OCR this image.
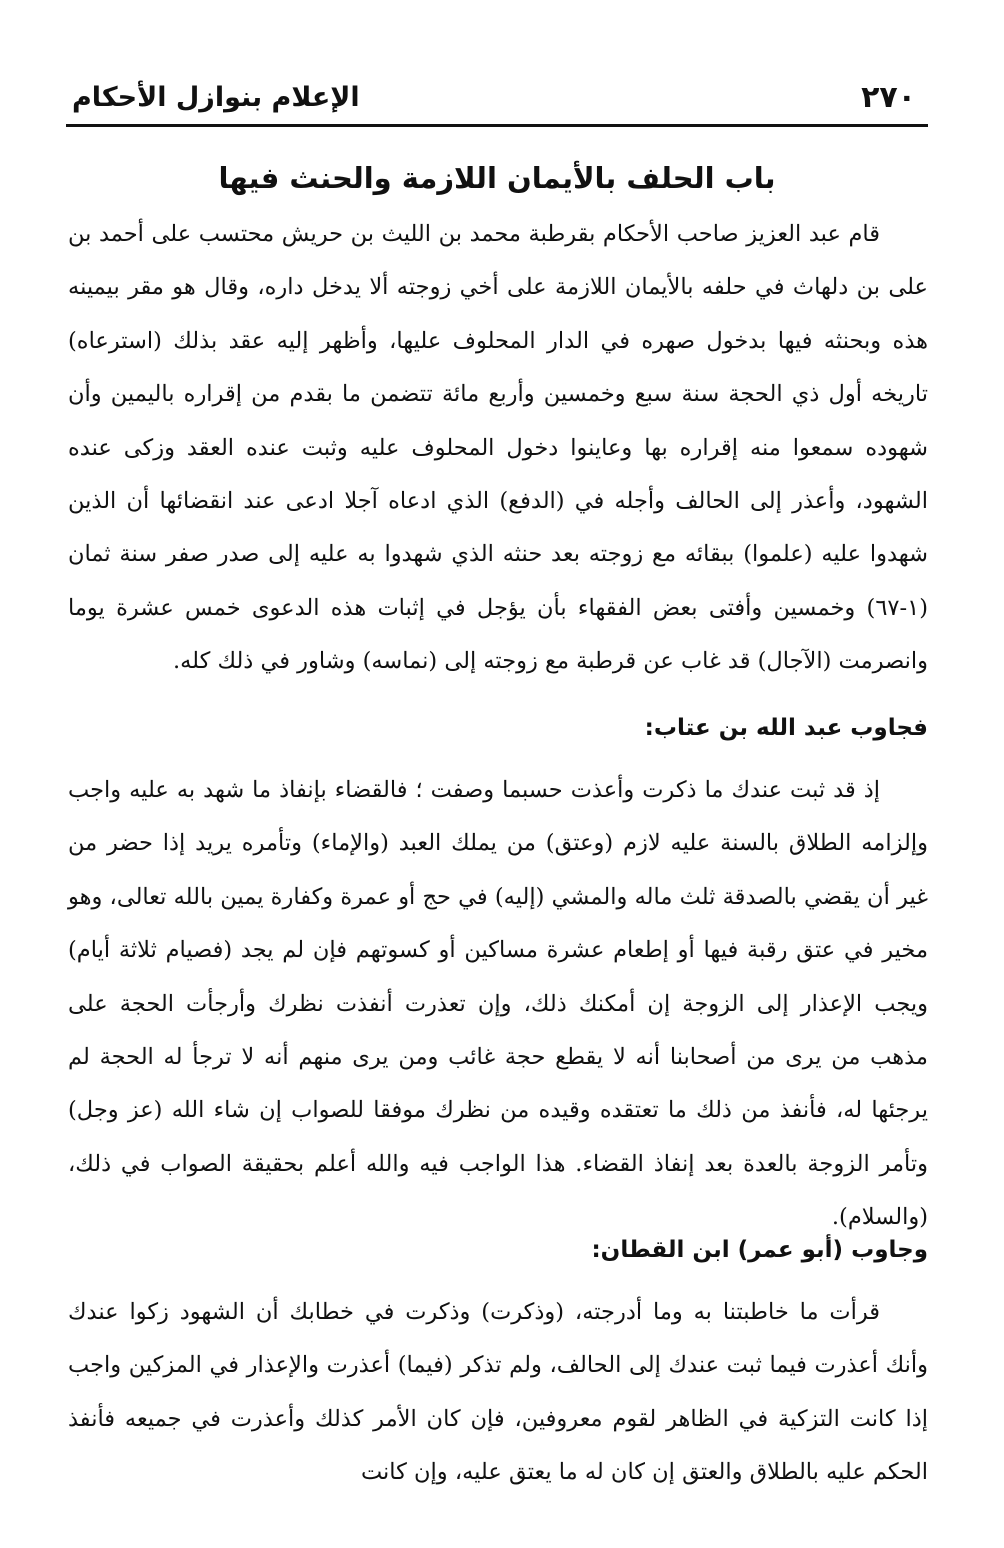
٢٧٠
الإعلام بنوازل الأحكام
باب الحلف بالأيمان اللازمة والحنث فيها

قام عبد العزيز صاحب الأحكام بقرطبة محمد بن الليث بن حريش محتسب على أحمد بن على بن دلهاث في حلفه بالأيمان اللازمة على أخي زوجته ألا يدخل داره، وقال هو مقر بيمينه هذه وبحنثه فيها بدخول صهره في الدار المحلوف عليها، وأظهر إليه عقد بذلك (استرعاه) تاريخه أول ذي الحجة سنة سبع وخمسين وأربع مائة تتضمن ما بقدم من إقراره باليمين وأن شهوده سمعوا منه إقراره بها وعاينوا دخول المحلوف عليه وثبت عنده العقد وزكى عنده الشهود، وأعذر إلى الحالف وأجله في (الدفع) الذي ادعاه آجلا ادعى عند انقضائها أن الذين شهدوا عليه (علموا) ببقائه مع زوجته بعد حنثه الذي شهدوا به عليه إلى صدر صفر سنة ثمان (١-٦٧) وخمسين وأفتى بعض الفقهاء بأن يؤجل في إثبات هذه الدعوى خمس عشرة يوما وانصرمت (الآجال) قد غاب عن قرطبة مع زوجته إلى (نماسه) وشاور في ذلك كله.

فجاوب عبد الله بن عتاب:

إذ قد ثبت عندك ما ذكرت وأعذت حسبما وصفت ؛ فالقضاء بإنفاذ ما شهد به عليه واجب وإلزامه الطلاق بالسنة عليه لازم (وعتق) من يملك العبد (والإماء) وتأمره يريد إذا حضر من غير أن يقضي بالصدقة ثلث ماله والمشي (إليه) في حج أو عمرة وكفارة يمين بالله تعالى، وهو مخير في عتق رقبة فيها أو إطعام عشرة مساكين أو كسوتهم فإن لم يجد (فصيام ثلاثة أيام) ويجب الإعذار إلى الزوجة إن أمكنك ذلك، وإن تعذرت أنفذت نظرك وأرجأت الحجة على مذهب من يرى من أصحابنا أنه لا يقطع حجة غائب ومن يرى منهم أنه لا ترجأ له الحجة لم يرجئها له، فأنفذ من ذلك ما تعتقده وقيده من نظرك موفقا للصواب إن شاء الله (عز وجل) وتأمر الزوجة بالعدة بعد إنفاذ القضاء. هذا الواجب فيه والله أعلم بحقيقة الصواب في ذلك، (والسلام).

وجاوب (أبو عمر) ابن القطان:

قرأت ما خاطبتنا به وما أدرجته، (وذكرت) وذكرت في خطابك أن الشهود زكوا عندك وأنك أعذرت فيما ثبت عندك إلى الحالف، ولم تذكر (فيما) أعذرت والإعذار في المزكين واجب إذا كانت التزكية في الظاهر لقوم معروفين، فإن كان الأمر كذلك وأعذرت في جميعه فأنفذ الحكم عليه بالطلاق والعتق إن كان له ما يعتق عليه، وإن كانت
